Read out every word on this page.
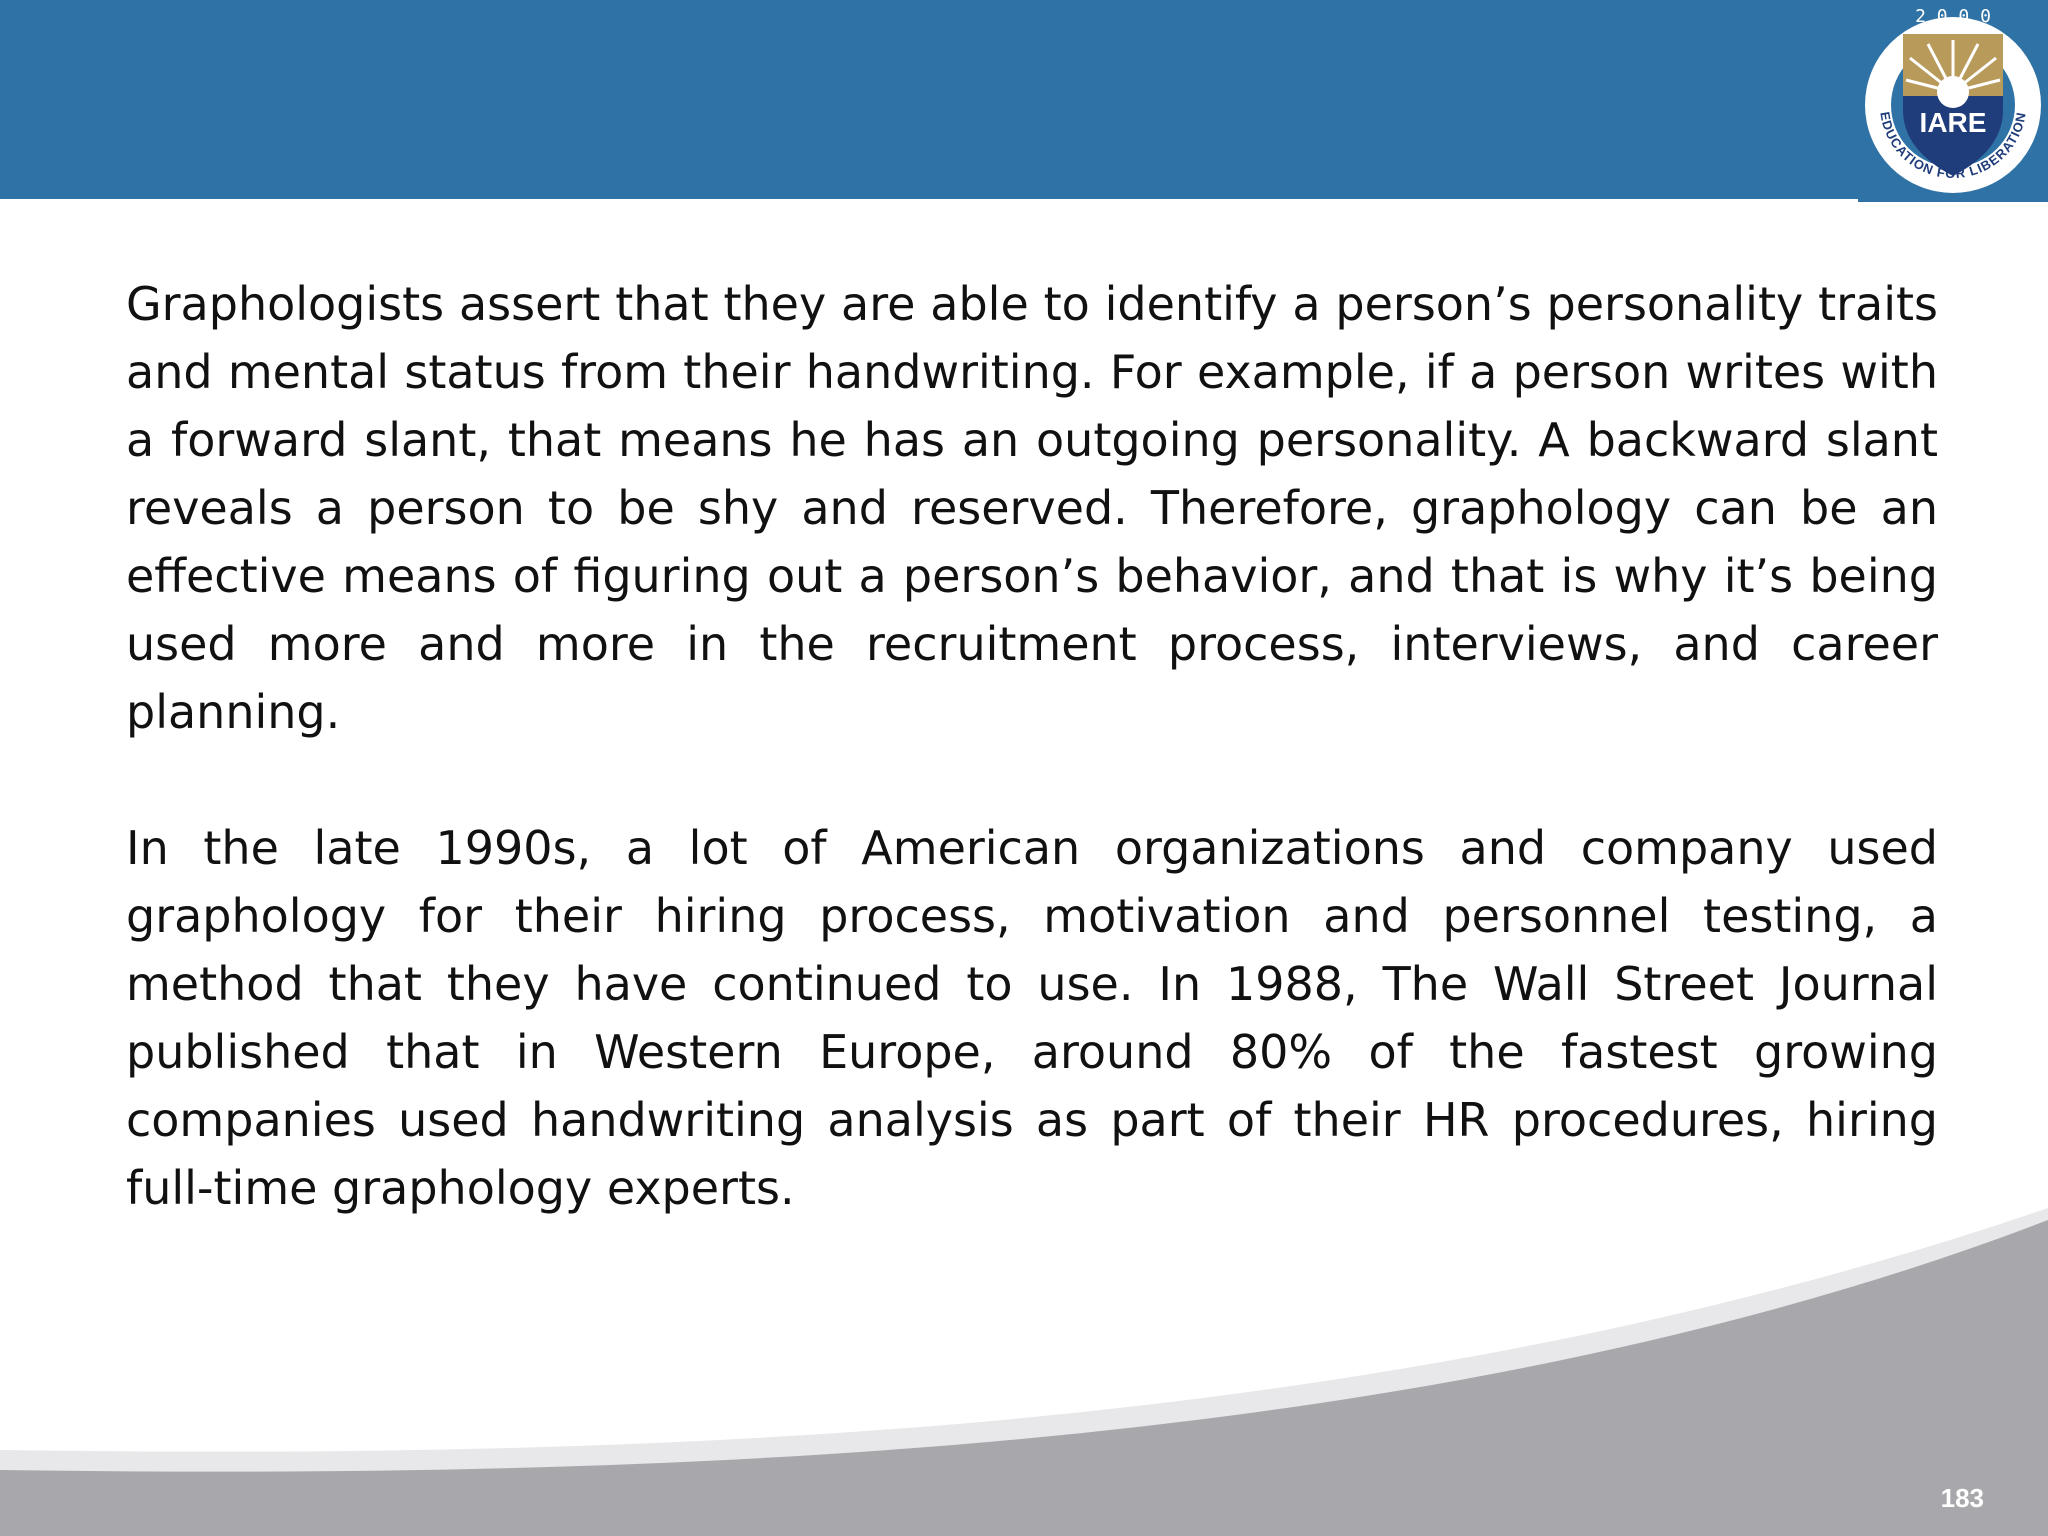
IARE
2 0 0 0
EDUCATION FOR LIBERATION

Graphologists assert that they are able to identify a person’s personality traits and mental status from their handwriting. For example, if a person writes with a forward slant, that means he has an outgoing personality. A backward slant reveals a person to be shy and reserved. Therefore, graphology can be an effective means of figuring out a person’s behavior, and that is why it’s being used more and more in the recruitment process, interviews, and career planning.

In the late 1990s, a lot of American organizations and company used graphology for their hiring process, motivation and personnel testing, a method that they have continued to use. In 1988, The Wall Street Journal published that in Western Europe, around 80% of the fastest growing companies used handwriting analysis as part of their HR procedures, hiring full-time graphology experts.

183
